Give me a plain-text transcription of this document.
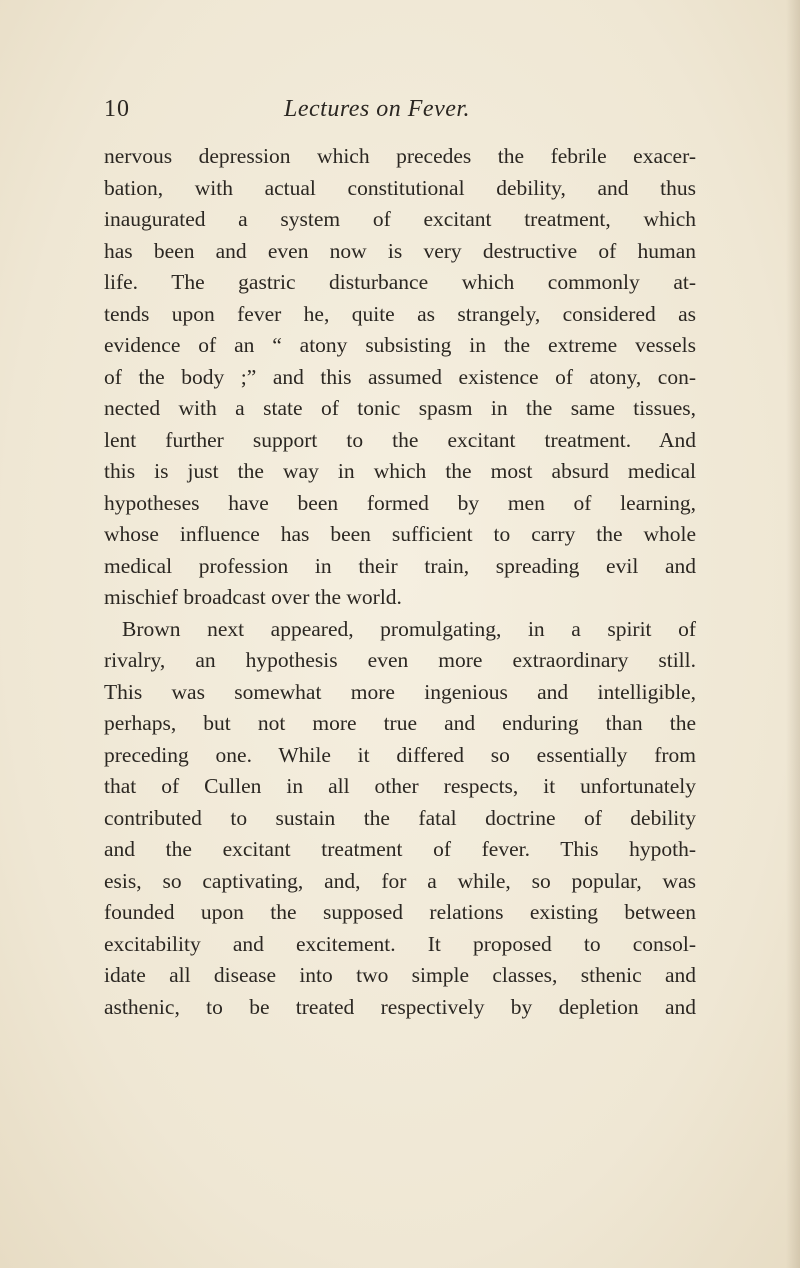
10	Lectures on Fever.
nervous depression which precedes the febrile exacer-
bation, with actual constitutional debility, and thus
inaugurated a system of excitant treatment, which
has been and even now is very destructive of human
life. The gastric disturbance which commonly at-
tends upon fever he, quite as strangely, considered as
evidence of an “ atony subsisting in the extreme vessels
of the body ;” and this assumed existence of atony, con-
nected with a state of tonic spasm in the same tissues,
lent further support to the excitant treatment. And
this is just the way in which the most absurd medical
hypotheses have been formed by men of learning,
whose influence has been sufficient to carry the whole
medical profession in their train, spreading evil and
mischief broadcast over the world.
Brown next appeared, promulgating, in a spirit of
rivalry, an hypothesis even more extraordinary still.
This was somewhat more ingenious and intelligible,
perhaps, but not more true and enduring than the
preceding one. While it differed so essentially from
that of Cullen in all other respects, it unfortunately
contributed to sustain the fatal doctrine of debility
and the excitant treatment of fever. This hypoth-
esis, so captivating, and, for a while, so popular, was
founded upon the supposed relations existing between
excitability and excitement. It proposed to consol-
idate all disease into two simple classes, sthenic and
asthenic, to be treated respectively by depletion and
